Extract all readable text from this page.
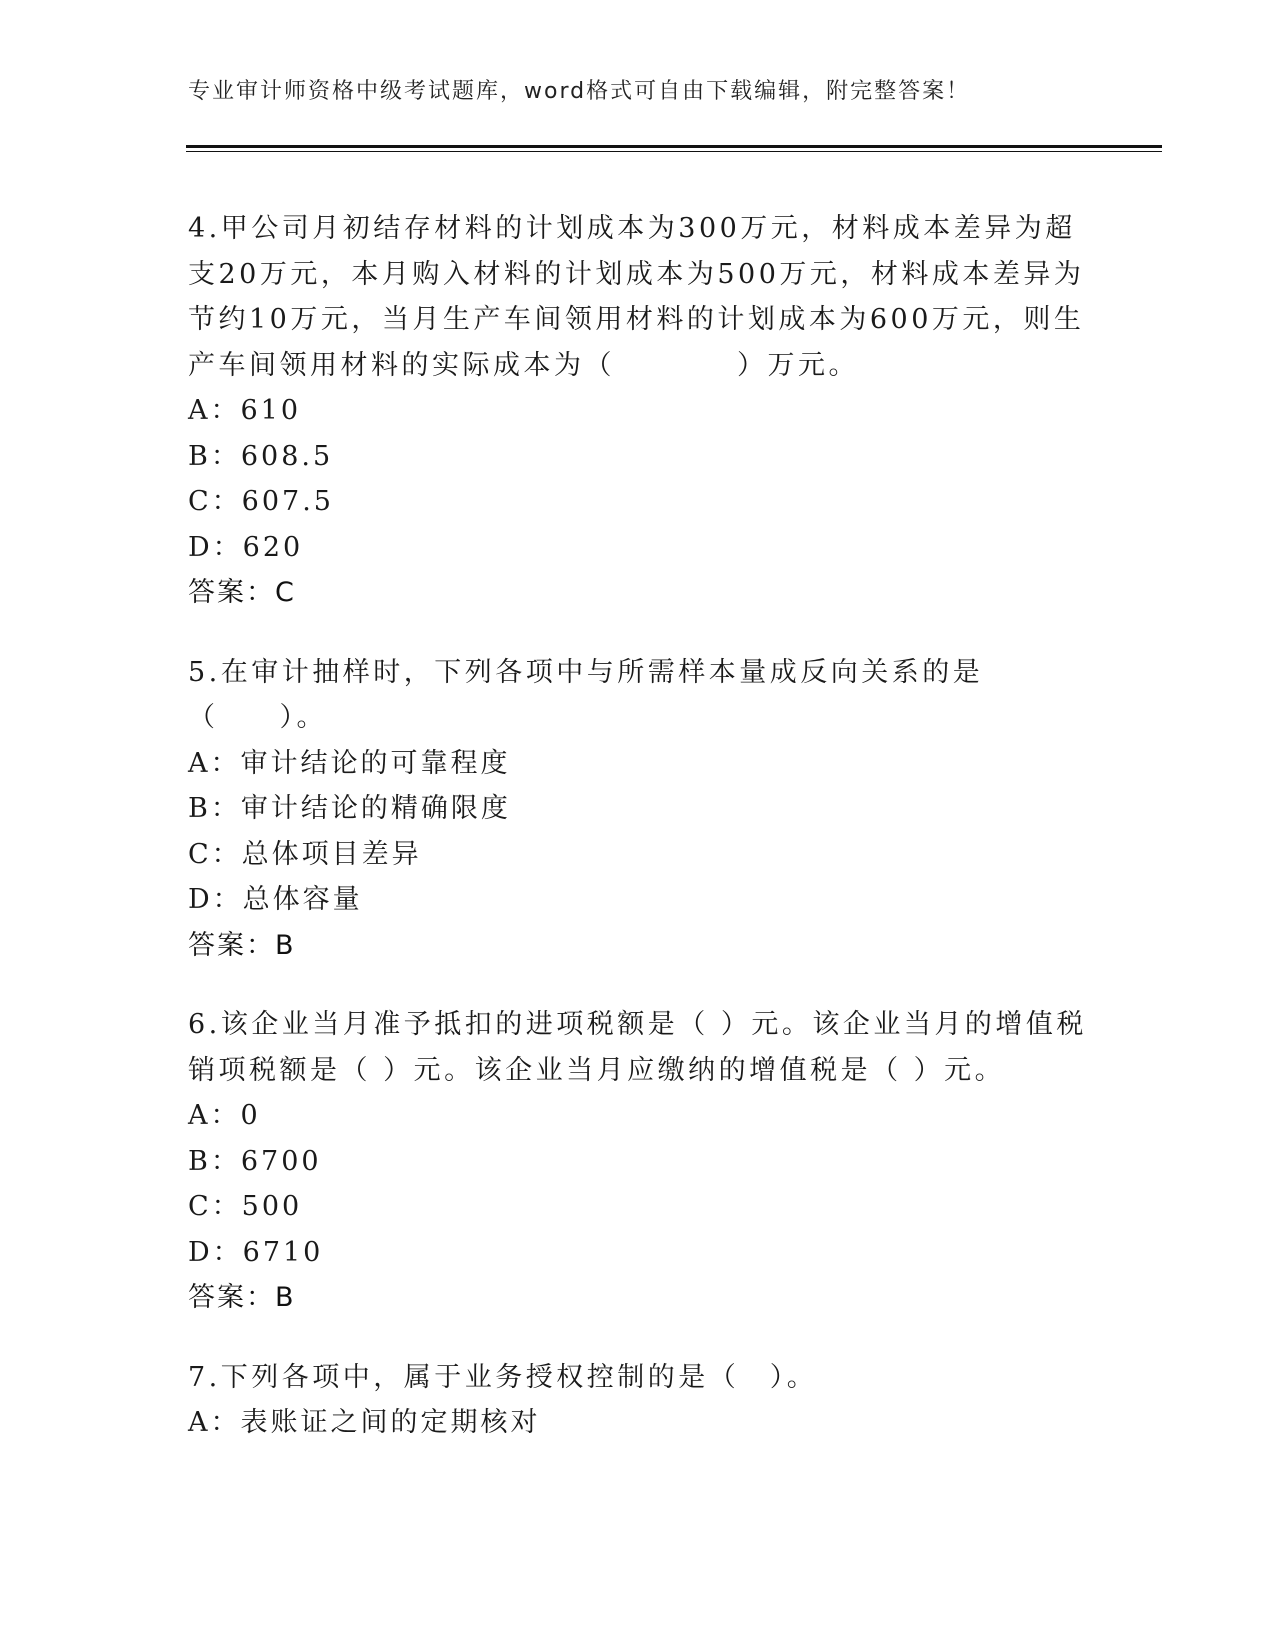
专业审计师资格中级考试题库，word格式可自由下载编辑，附完整答案！

4.甲公司月初结存材料的计划成本为300万元，材料成本差异为超支20万元，本月购入材料的计划成本为500万元，材料成本差异为节约10万元，当月生产车间领用材料的计划成本为600万元，则生产车间领用材料的实际成本为（　　　　）万元。

A：610

B：608.5

C：607.5

D：620

答案：C

5.在审计抽样时，下列各项中与所需样本量成反向关系的是（　　）。

A：审计结论的可靠程度

B：审计结论的精确限度

C：总体项目差异

D：总体容量

答案：B

6.该企业当月准予抵扣的进项税额是（ ）元。该企业当月的增值税销项税额是（ ）元。该企业当月应缴纳的增值税是（ ）元。

A：0

B：6700

C：500

D：6710

答案：B

7.下列各项中，属于业务授权控制的是（　）。

A：表账证之间的定期核对
